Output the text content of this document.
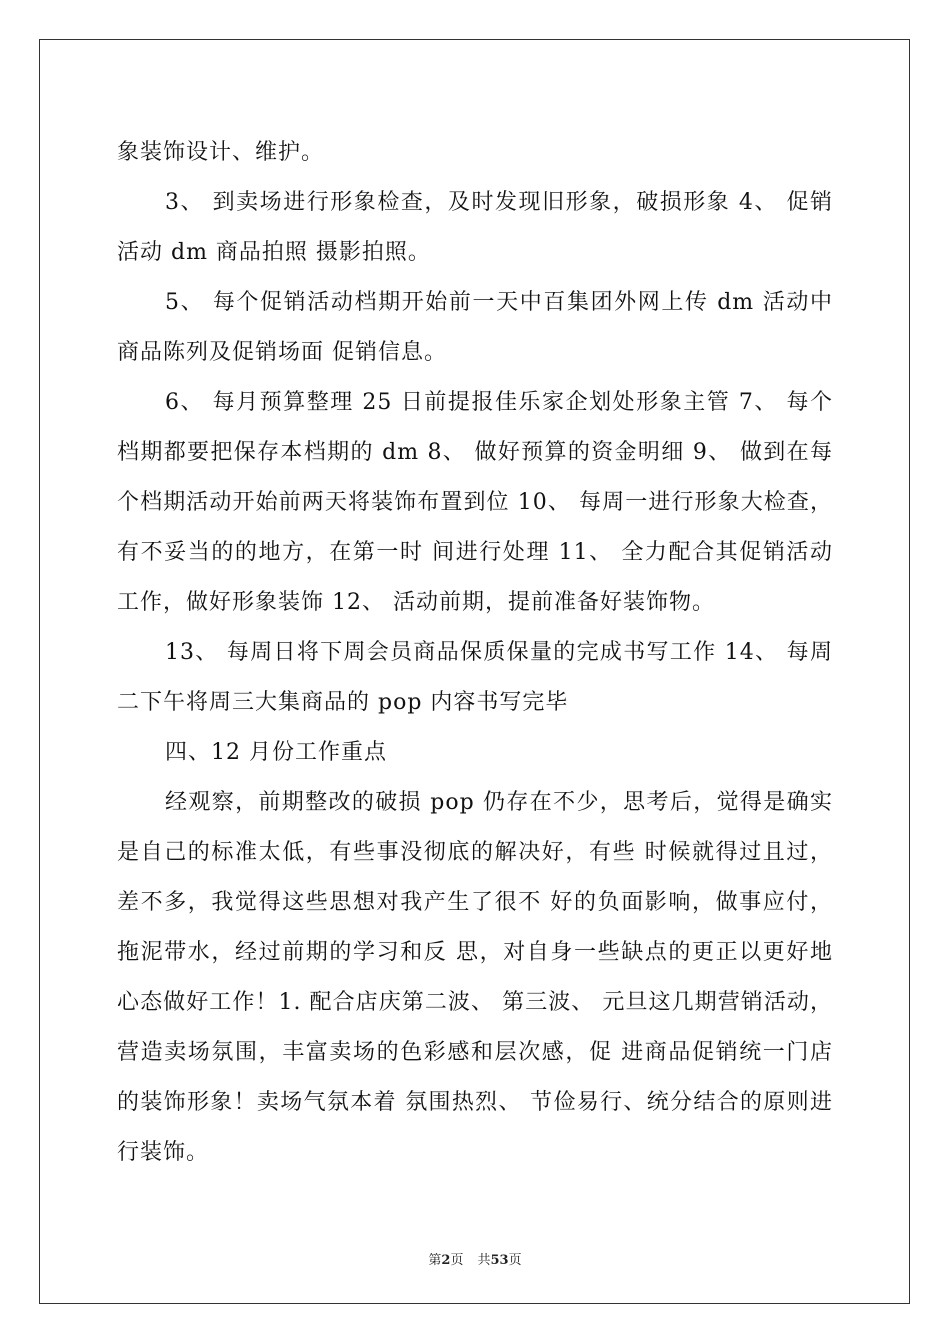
象装饰设计、维护。

3、 到卖场进行形象检查，及时发现旧形象，破损形象 4、 促销活动 dm 商品拍照 摄影拍照。

5、 每个促销活动档期开始前一天中百集团外网上传 dm 活动中商品陈列及促销场面 促销信息。

6、 每月预算整理 25 日前提报佳乐家企划处形象主管 7、 每个档期都要把保存本档期的 dm 8、 做好预算的资金明细 9、 做到在每个档期活动开始前两天将装饰布置到位 10、 每周一进行形象大检查，有不妥当的的地方，在第一时 间进行处理 11、 全力配合其促销活动工作，做好形象装饰 12、 活动前期，提前准备好装饰物。

13、 每周日将下周会员商品保质保量的完成书写工作 14、 每周二下午将周三大集商品的 pop 内容书写完毕

四、12 月份工作重点

经观察，前期整改的破损 pop 仍存在不少，思考后，觉得是确实是自己的标准太低，有些事没彻底的解决好，有些 时候就得过且过，差不多，我觉得这些思想对我产生了很不 好的负面影响，做事应付，拖泥带水，经过前期的学习和反 思，对自身一些缺点的更正以更好地心态做好工作！1. 配合店庆第二波、 第三波、 元旦这几期营销活动， 营造卖场氛围，丰富卖场的色彩感和层次感，促 进商品促销统一门店的装饰形象！卖场气氛本着 氛围热烈、 节俭易行、统分结合的原则进行装饰。

第2页 共53页
